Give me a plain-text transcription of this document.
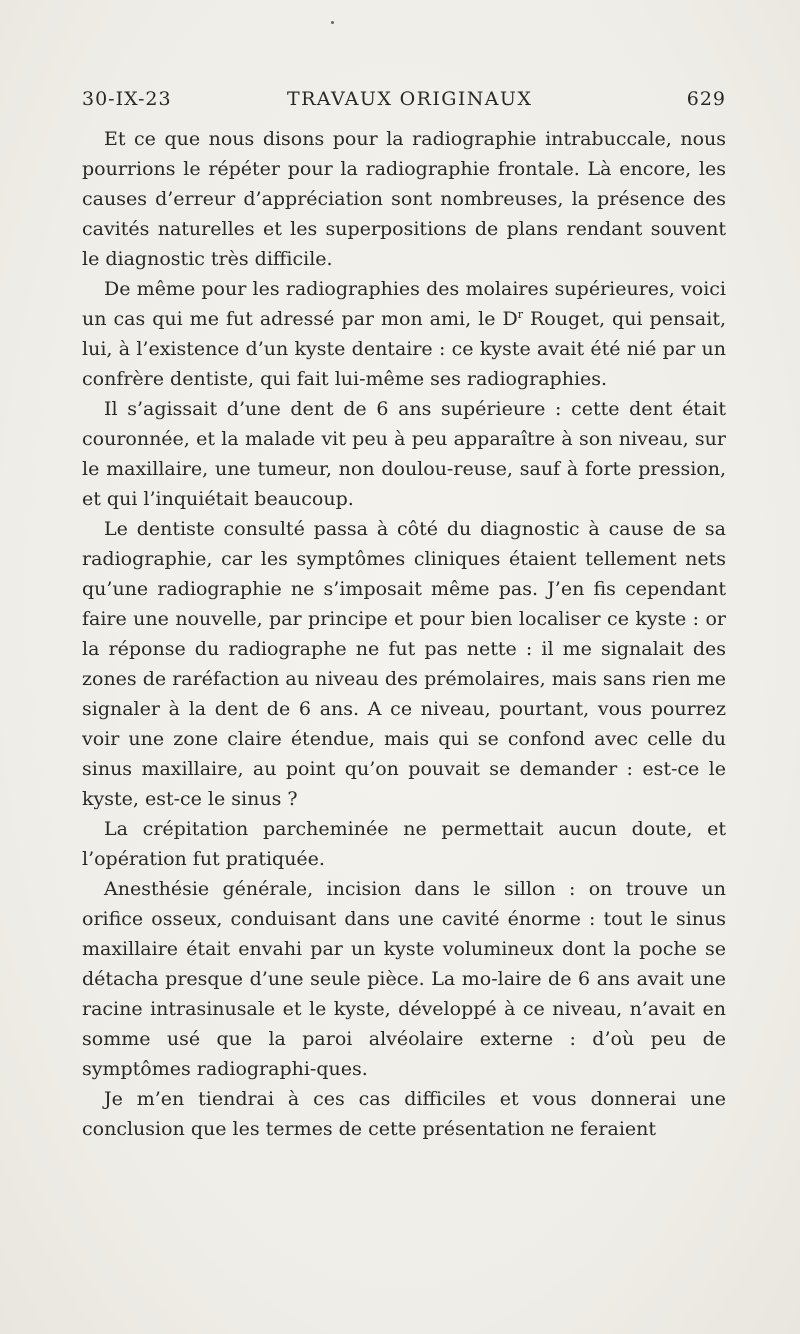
30-IX-23	TRAVAUX ORIGINAUX	629

Et ce que nous disons pour la radiographie intrabuccale, nous pourrions le répéter pour la radiographie frontale. Là encore, les causes d’erreur d’appréciation sont nombreuses, la présence des cavités naturelles et les superpositions de plans rendant souvent le diagnostic très difficile.

De même pour les radiographies des molaires supérieures, voici un cas qui me fut adressé par mon ami, le $D^r$ Rouget, qui pensait, lui, à l’existence d’un kyste dentaire : ce kyste avait été nié par un confrère dentiste, qui fait lui-même ses radiographies.

Il s’agissait d’une dent de 6 ans supérieure : cette dent était couronnée, et la malade vit peu à peu apparaître à son niveau, sur le maxillaire, une tumeur, non doulou-reuse, sauf à forte pression, et qui l’inquiétait beaucoup.

Le dentiste consulté passa à côté du diagnostic à cause de sa radiographie, car les symptômes cliniques étaient tellement nets qu’une radiographie ne s’imposait même pas. J’en fis cependant faire une nouvelle, par principe et pour bien localiser ce kyste : or la réponse du radiographe ne fut pas nette : il me signalait des zones de raréfaction au niveau des prémolaires, mais sans rien me signaler à la dent de 6 ans. A ce niveau, pourtant, vous pourrez voir une zone claire étendue, mais qui se confond avec celle du sinus maxillaire, au point qu’on pouvait se demander : est-ce le kyste, est-ce le sinus ?

La crépitation parcheminée ne permettait aucun doute, et l’opération fut pratiquée.

Anesthésie générale, incision dans le sillon : on trouve un orifice osseux, conduisant dans une cavité énorme : tout le sinus maxillaire était envahi par un kyste volumineux dont la poche se détacha presque d’une seule pièce. La mo-laire de 6 ans avait une racine intrasinusale et le kyste, développé à ce niveau, n’avait en somme usé que la paroi alvéolaire externe : d’où peu de symptômes radiographi-ques.

Je m’en tiendrai à ces cas difficiles et vous donnerai une conclusion que les termes de cette présentation ne feraient
